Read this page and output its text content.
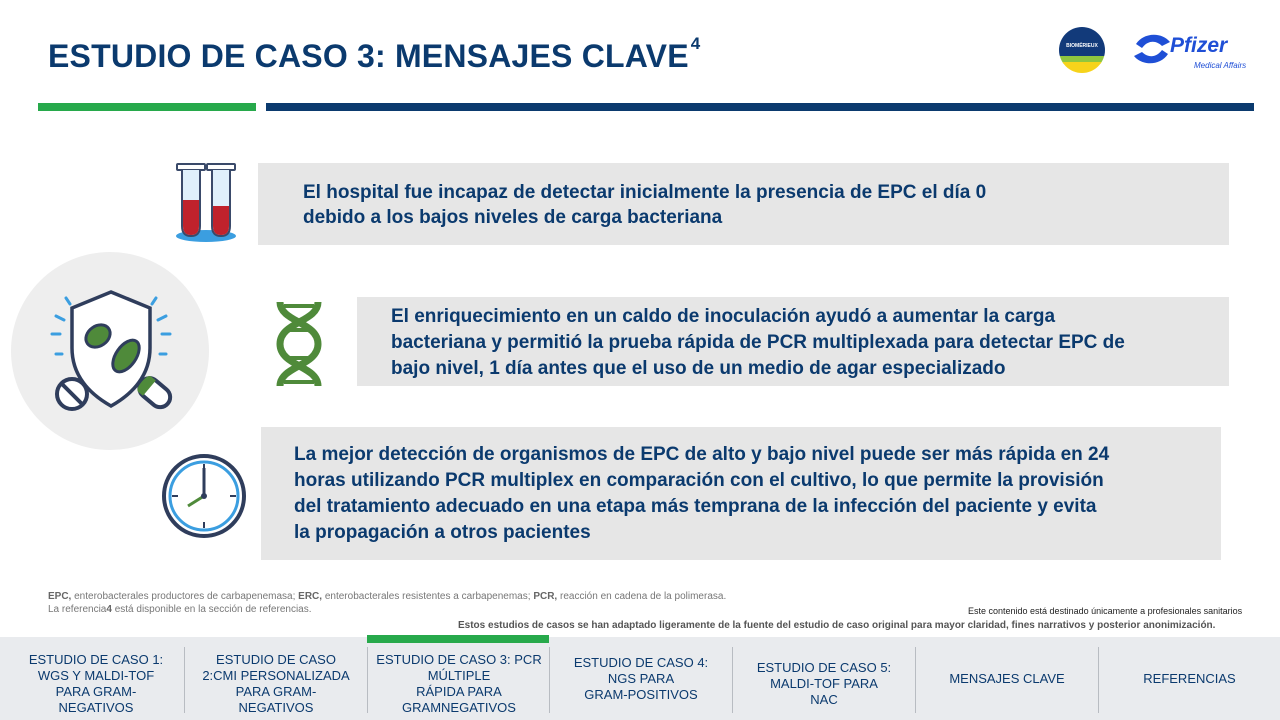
ESTUDIO DE CASO 3: MENSAJES CLAVE $^4$	BIOMÉRIEUX	Pfizer
Medical Affairs
El hospital fue incapaz de detectar inicialmente la presencia de EPC el día 0
debido a los bajos niveles de carga bacteriana
El enriquecimiento en un caldo de inoculación ayudó a aumentar la carga
bacteriana y permitió la prueba rápida de PCR multiplexada para detectar EPC de
bajo nivel, 1 día antes que el uso de un medio de agar especializado
La mejor detección de organismos de EPC de alto y bajo nivel puede ser más rápida en 24
horas utilizando PCR multiplex en comparación con el cultivo, lo que permite la provisión
del tratamiento adecuado en una etapa más temprana de la infección del paciente y evita
la propagación a otros pacientes
EPC, enterobacterales productores de carbapenemasa; ERC, enterobacterales resistentes a carbapenemas; PCR, reacción en cadena de la polimerasa.
La referencia4 está disponible en la sección de referencias.	Este contenido está destinado únicamente a profesionales sanitarios
Estos estudios de casos se han adaptado ligeramente de la fuente del estudio de caso original para mayor claridad, fines narrativos y posterior anonimización.
ESTUDIO DE CASO 1:
WGS Y MALDI-TOF
PARA GRAM-
NEGATIVOS
ESTUDIO DE CASO
2:CMI PERSONALIZADA
PARA GRAM-
NEGATIVOS
ESTUDIO DE CASO 3: PCR
MÚLTIPLE
RÁPIDA PARA
GRAMNEGATIVOS
ESTUDIO DE CASO 4:
NGS PARA
GRAM-POSITIVOS
ESTUDIO DE CASO 5:
MALDI-TOF PARA
NAC
MENSAJES CLAVE	REFERENCIAS
